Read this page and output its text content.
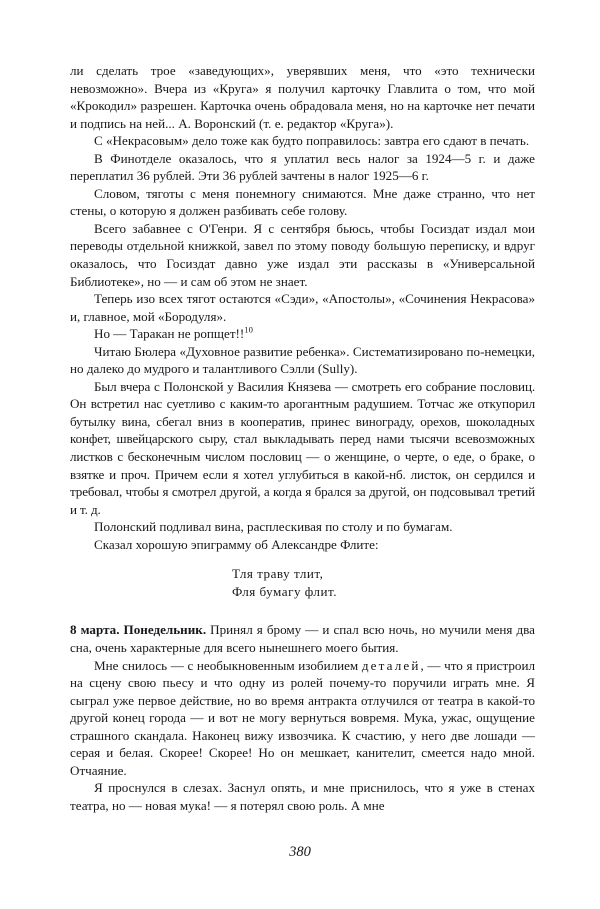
ли сделать трое «заведующих», уверявших меня, что «это технически невозможно». Вчера из «Круга» я получил карточку Главлита о том, что мой «Крокодил» разрешен. Карточка очень обрадовала меня, но на карточке нет печати и подпись на ней... А. Воронский (т. е. редактор «Круга»).

С «Некрасовым» дело тоже как будто поправилось: завтра его сдают в печать.

В Финотделе оказалось, что я уплатил весь налог за 1924—5 г. и даже переплатил 36 рублей. Эти 36 рублей зачтены в налог 1925—6 г.

Словом, тяготы с меня понемногу снимаются. Мне даже странно, что нет стены, о которую я должен разбивать себе голову.

Всего забавнее с О'Генри. Я с сентября бьюсь, чтобы Госиздат издал мои переводы отдельной книжкой, завел по этому поводу большую переписку, и вдруг оказалось, что Госиздат давно уже издал эти рассказы в «Универсальной Библиотеке», но — и сам об этом не знает.

Теперь изо всех тягот остаются «Сэди», «Апостолы», «Сочинения Некрасова» и, главное, мой «Бородуля».

Но — Таракан не ропщет!!$^{10}$

Читаю Бюлера «Духовное развитие ребенка». Систематизировано по-немецки, но далеко до мудрого и талантливого Сэлли (Sully).

Был вчера с Полонской у Василия Князева — смотреть его собрание пословиц. Он встретил нас суетливо с каким-то арогантным радушием. Тотчас же откупорил бутылку вина, сбегал вниз в кооператив, принес винограду, орехов, шоколадных конфет, швейцарского сыру, стал выкладывать перед нами тысячи всевозможных листков с бесконечным числом пословиц — о женщине, о черте, о еде, о браке, о взятке и проч. Причем если я хотел углубиться в какой-нб. листок, он сердился и требовал, чтобы я смотрел другой, а когда я брался за другой, он подсовывал третий и т. д.

Полонский подливал вина, расплескивая по столу и по бумагам.

Сказал хорошую эпиграмму об Александре Флите:

Тля траву тлит,
Фля бумагу флит.

8 марта. Понедельник. Принял я брому — и спал всю ночь, но мучили меня два сна, очень характерные для всего нынешнего моего бытия.

Мне снилось — с необыкновенным изобилием деталей, — что я пристроил на сцену свою пьесу и что одну из ролей почему-то поручили играть мне. Я сыграл уже первое действие, но во время антракта отлучился от театра в какой-то другой конец города — и вот не могу вернуться вовремя. Мука, ужас, ощущение страшного скандала. Наконец вижу извозчика. К счастию, у него две лошади — серая и белая. Скорее! Скорее! Но он мешкает, канителит, смеется надо мной. Отчаяние.

Я проснулся в слезах. Заснул опять, и мне приснилось, что я уже в стенах театра, но — новая мука! — я потерял свою роль. А мне

380
